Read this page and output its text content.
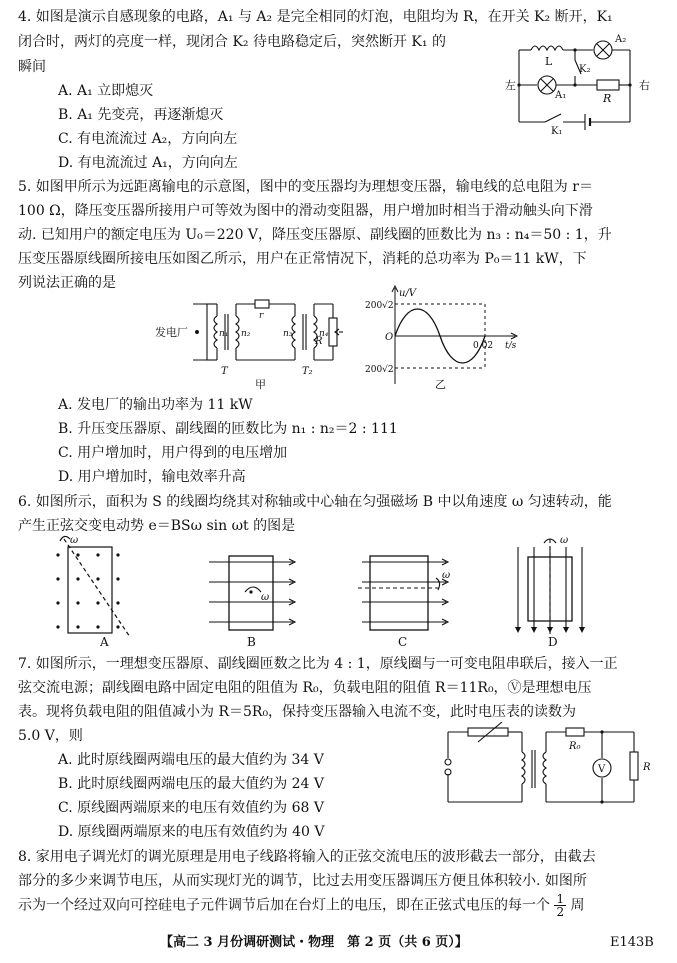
4. 如图是演示自感现象的电路，A₁ 与 A₂ 是完全相同的灯泡，电阻均为 R，在开关 K₂ 断开，K₁
闭合时，两灯的亮度一样，现闭合 K₂ 待电路稳定后，突然断开 K₁ 的
瞬间
A. A₁ 立即熄灭
B. A₁ 先变亮，再逐渐熄灭
C. 有电流流过 A₂，方向向左
D. 有电流流过 A₁，方向向左
L
A₂
K₂
A₁	R
左	右
K₁
5. 如图甲所示为远距离输电的示意图，图中的变压器均为理想变压器，输电线的总电阻为 r＝
100 Ω，降压变压器所接用户可等效为图中的滑动变阻器，用户增加时相当于滑动触头向下滑
动. 已知用户的额定电压为 U₀＝220 V，降压变压器原、副线圈的匝数比为 n₃ : n₄＝50 : 1，升
压变压器原线圈所接电压如图乙所示，用户在正常情况下，消耗的总功率为 P₀＝11 kW，下
列说法正确的是
发电厂	n₁ n₂
r
n₃	n₄
R
T	T₂
甲
u/V
200√2
200√2
O
0.02 t/s
乙
A. 发电厂的输出功率为 11 kW
B. 升压变压器原、副线圈的匝数比为 n₁ : n₂＝2 : 111
C. 用户增加时，用户得到的电压增加
D. 用户增加时，输电效率升高
6. 如图所示，面积为 S 的线圈均绕其对称轴或中心轴在匀强磁场 B 中以角速度 ω 匀速转动，能
产生正弦交变电动势 e＝BSω sin ωt 的图是
ω
A
ω
B
ω
C
ω
D
7. 如图所示，一理想变压器原、副线圈匝数之比为 4 : 1，原线圈与一可变电阻串联后，接入一正
弦交流电源；副线圈电路中固定电阻的阻值为 R₀，负载电阻的阻值 R＝11R₀，Ⓥ是理想电压
表。现将负载电阻的阻值减小为 R＝5R₀，保持变压器输入电流不变，此时电压表的读数为
5.0 V，则
A. 此时原线圈两端电压的最大值约为 34 V
B. 此时原线圈两端电压的最大值约为 24 V
C. 原线圈两端原来的电压有效值约为 68 V
D. 原线圈两端原来的电压有效值约为 40 V
R₀
V	R
8. 家用电子调光灯的调光原理是用电子线路将输入的正弦交流电压的波形截去一部分，由截去
部分的多少来调节电压，从而实现灯光的调节，比过去用变压器调压方便且体积较小. 如图所
示为一个经过双向可控硅电子元件调节后加在台灯上的电压，即在正弦式电压的每一个 $\frac{1}{2}$ 周
【高二 3 月份调研测试・物理　第 2 页（共 6 页）】	E143B
